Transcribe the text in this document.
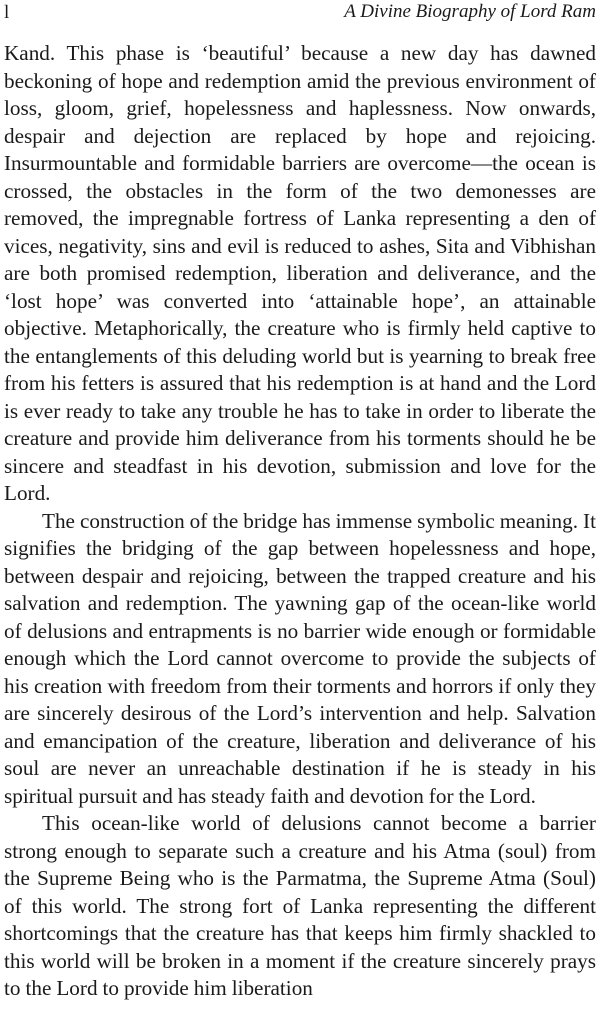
l	A Divine Biography of Lord Ram

Kand. This phase is ‘beautiful’ because a new day has dawned beckoning of hope and redemption amid the previous environment of loss, gloom, grief, hopelessness and haplessness. Now onwards, despair and dejection are replaced by hope and rejoicing. Insurmountable and formidable barriers are overcome—the ocean is crossed, the obstacles in the form of the two demonesses are removed, the impregnable fortress of Lanka representing a den of vices, negativity, sins and evil is reduced to ashes, Sita and Vibhishan are both promised redemption, liberation and deliverance, and the ‘lost hope’ was converted into ‘attainable hope’, an attainable objective. Metaphorically, the creature who is firmly held captive to the entanglements of this deluding world but is yearning to break free from his fetters is assured that his redemption is at hand and the Lord is ever ready to take any trouble he has to take in order to liberate the creature and provide him deliverance from his torments should he be sincere and steadfast in his devotion, submission and love for the Lord.

The construction of the bridge has immense symbolic meaning. It signifies the bridging of the gap between hopelessness and hope, between despair and rejoicing, between the trapped creature and his salvation and redemption. The yawning gap of the ocean-like world of delusions and entrapments is no barrier wide enough or formidable enough which the Lord cannot overcome to provide the subjects of his creation with freedom from their torments and horrors if only they are sincerely desirous of the Lord’s intervention and help. Salvation and emancipation of the creature, liberation and deliverance of his soul are never an unreachable destination if he is steady in his spiritual pursuit and has steady faith and devotion for the Lord.

This ocean-like world of delusions cannot become a barrier strong enough to separate such a creature and his Atma (soul) from the Supreme Being who is the Parmatma, the Supreme Atma (Soul) of this world. The strong fort of Lanka representing the different shortcomings that the creature has that keeps him firmly shackled to this world will be broken in a moment if the creature sincerely prays to the Lord to provide him liberation
